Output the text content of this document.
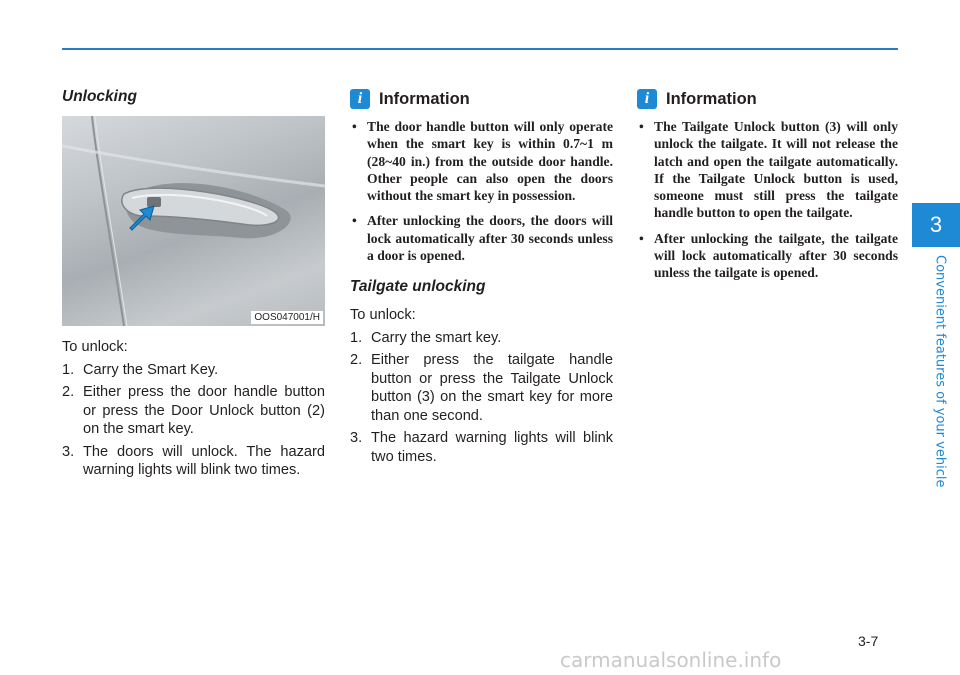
Unlocking
OOS047001/H

To unlock:

1. Carry the Smart Key.
2. Either press the door handle button or press the Door Unlock button (2) on the smart key.
3. The doors will unlock. The hazard warning lights will blink two times.
i	Information
• The door handle button will only operate when the smart key is within 0.7~1 m (28~40 in.) from the outside door handle. Other people can also open the doors without the smart key in possession.
• After unlocking the doors, the doors will lock automatically after 30 seconds unless a door is opened.
Tailgate unlocking

To unlock:

1. Carry the smart key.
2. Either press the tailgate handle button or press the Tailgate Unlock button (3) on the smart key for more than one second.
3. The hazard warning lights will blink two times.
i	Information
• The Tailgate Unlock button (3) will only unlock the tailgate. It will not release the latch and open the tailgate automatically. If the Tailgate Unlock button is used, someone must still press the tailgate handle button to open the tailgate.
• After unlocking the tailgate, the tailgate will lock automatically after 30 seconds unless the tailgate is opened.
3
Convenient features of your vehicle
3-7
carmanualsonline.info
